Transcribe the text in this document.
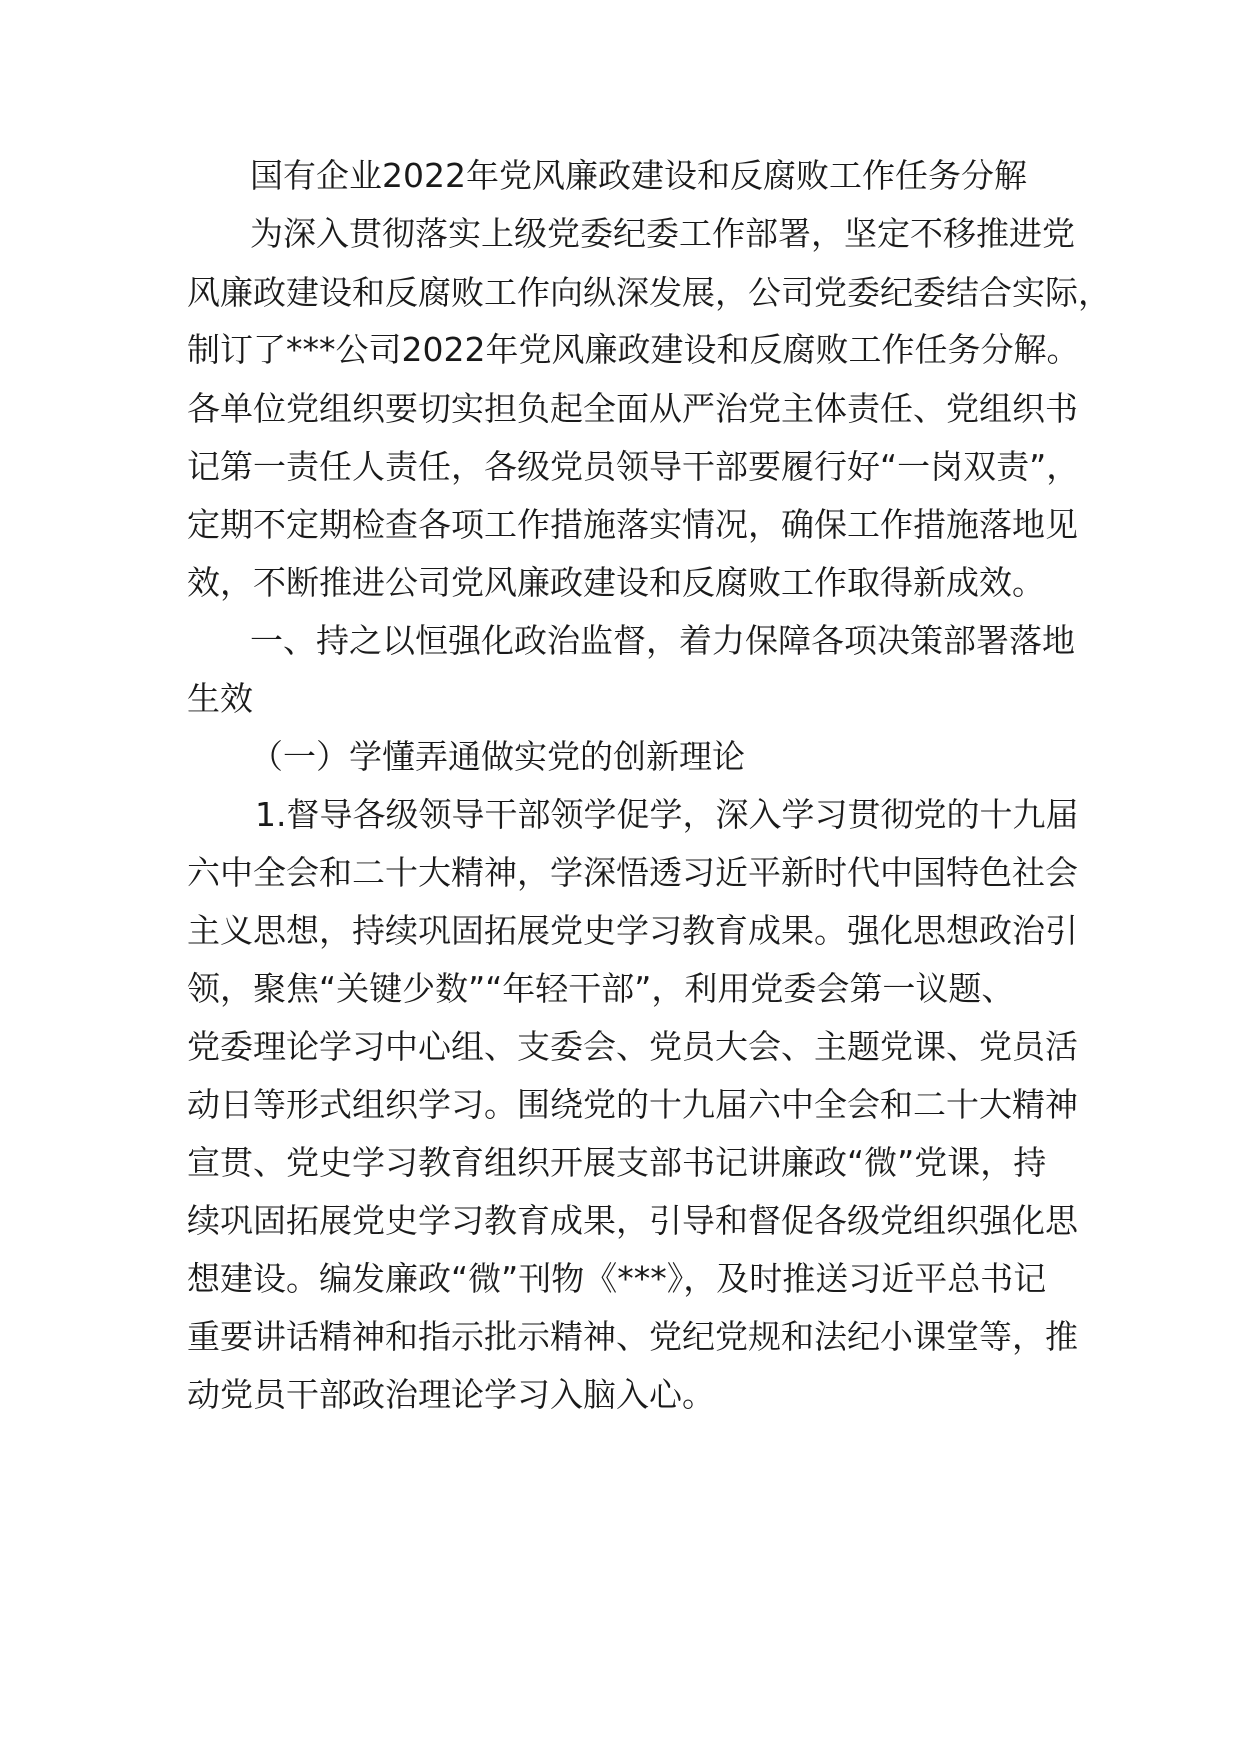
国有企业2022年党风廉政建设和反腐败工作任务分解
为深入贯彻落实上级党委纪委工作部署，坚定不移推进党
风廉政建设和反腐败工作向纵深发展，公司党委纪委结合实际，
制订了***公司2022年党风廉政建设和反腐败工作任务分解。
各单位党组织要切实担负起全面从严治党主体责任、党组织书
记第一责任人责任，各级党员领导干部要履行好“一岗双责”，
定期不定期检查各项工作措施落实情况，确保工作措施落地见
效，不断推进公司党风廉政建设和反腐败工作取得新成效。
一、持之以恒强化政治监督，着力保障各项决策部署落地
生效
（一）学懂弄通做实党的创新理论
1.督导各级领导干部领学促学，深入学习贯彻党的十九届
六中全会和二十大精神，学深悟透习近平新时代中国特色社会
主义思想，持续巩固拓展党史学习教育成果。强化思想政治引
领，聚焦“关键少数”“年轻干部”，利用党委会第一议题、
党委理论学习中心组、支委会、党员大会、主题党课、党员活
动日等形式组织学习。围绕党的十九届六中全会和二十大精神
宣贯、党史学习教育组织开展支部书记讲廉政“微”党课，持
续巩固拓展党史学习教育成果，引导和督促各级党组织强化思
想建设。编发廉政“微”刊物《***》，及时推送习近平总书记
重要讲话精神和指示批示精神、党纪党规和法纪小课堂等，推
动党员干部政治理论学习入脑入心。
